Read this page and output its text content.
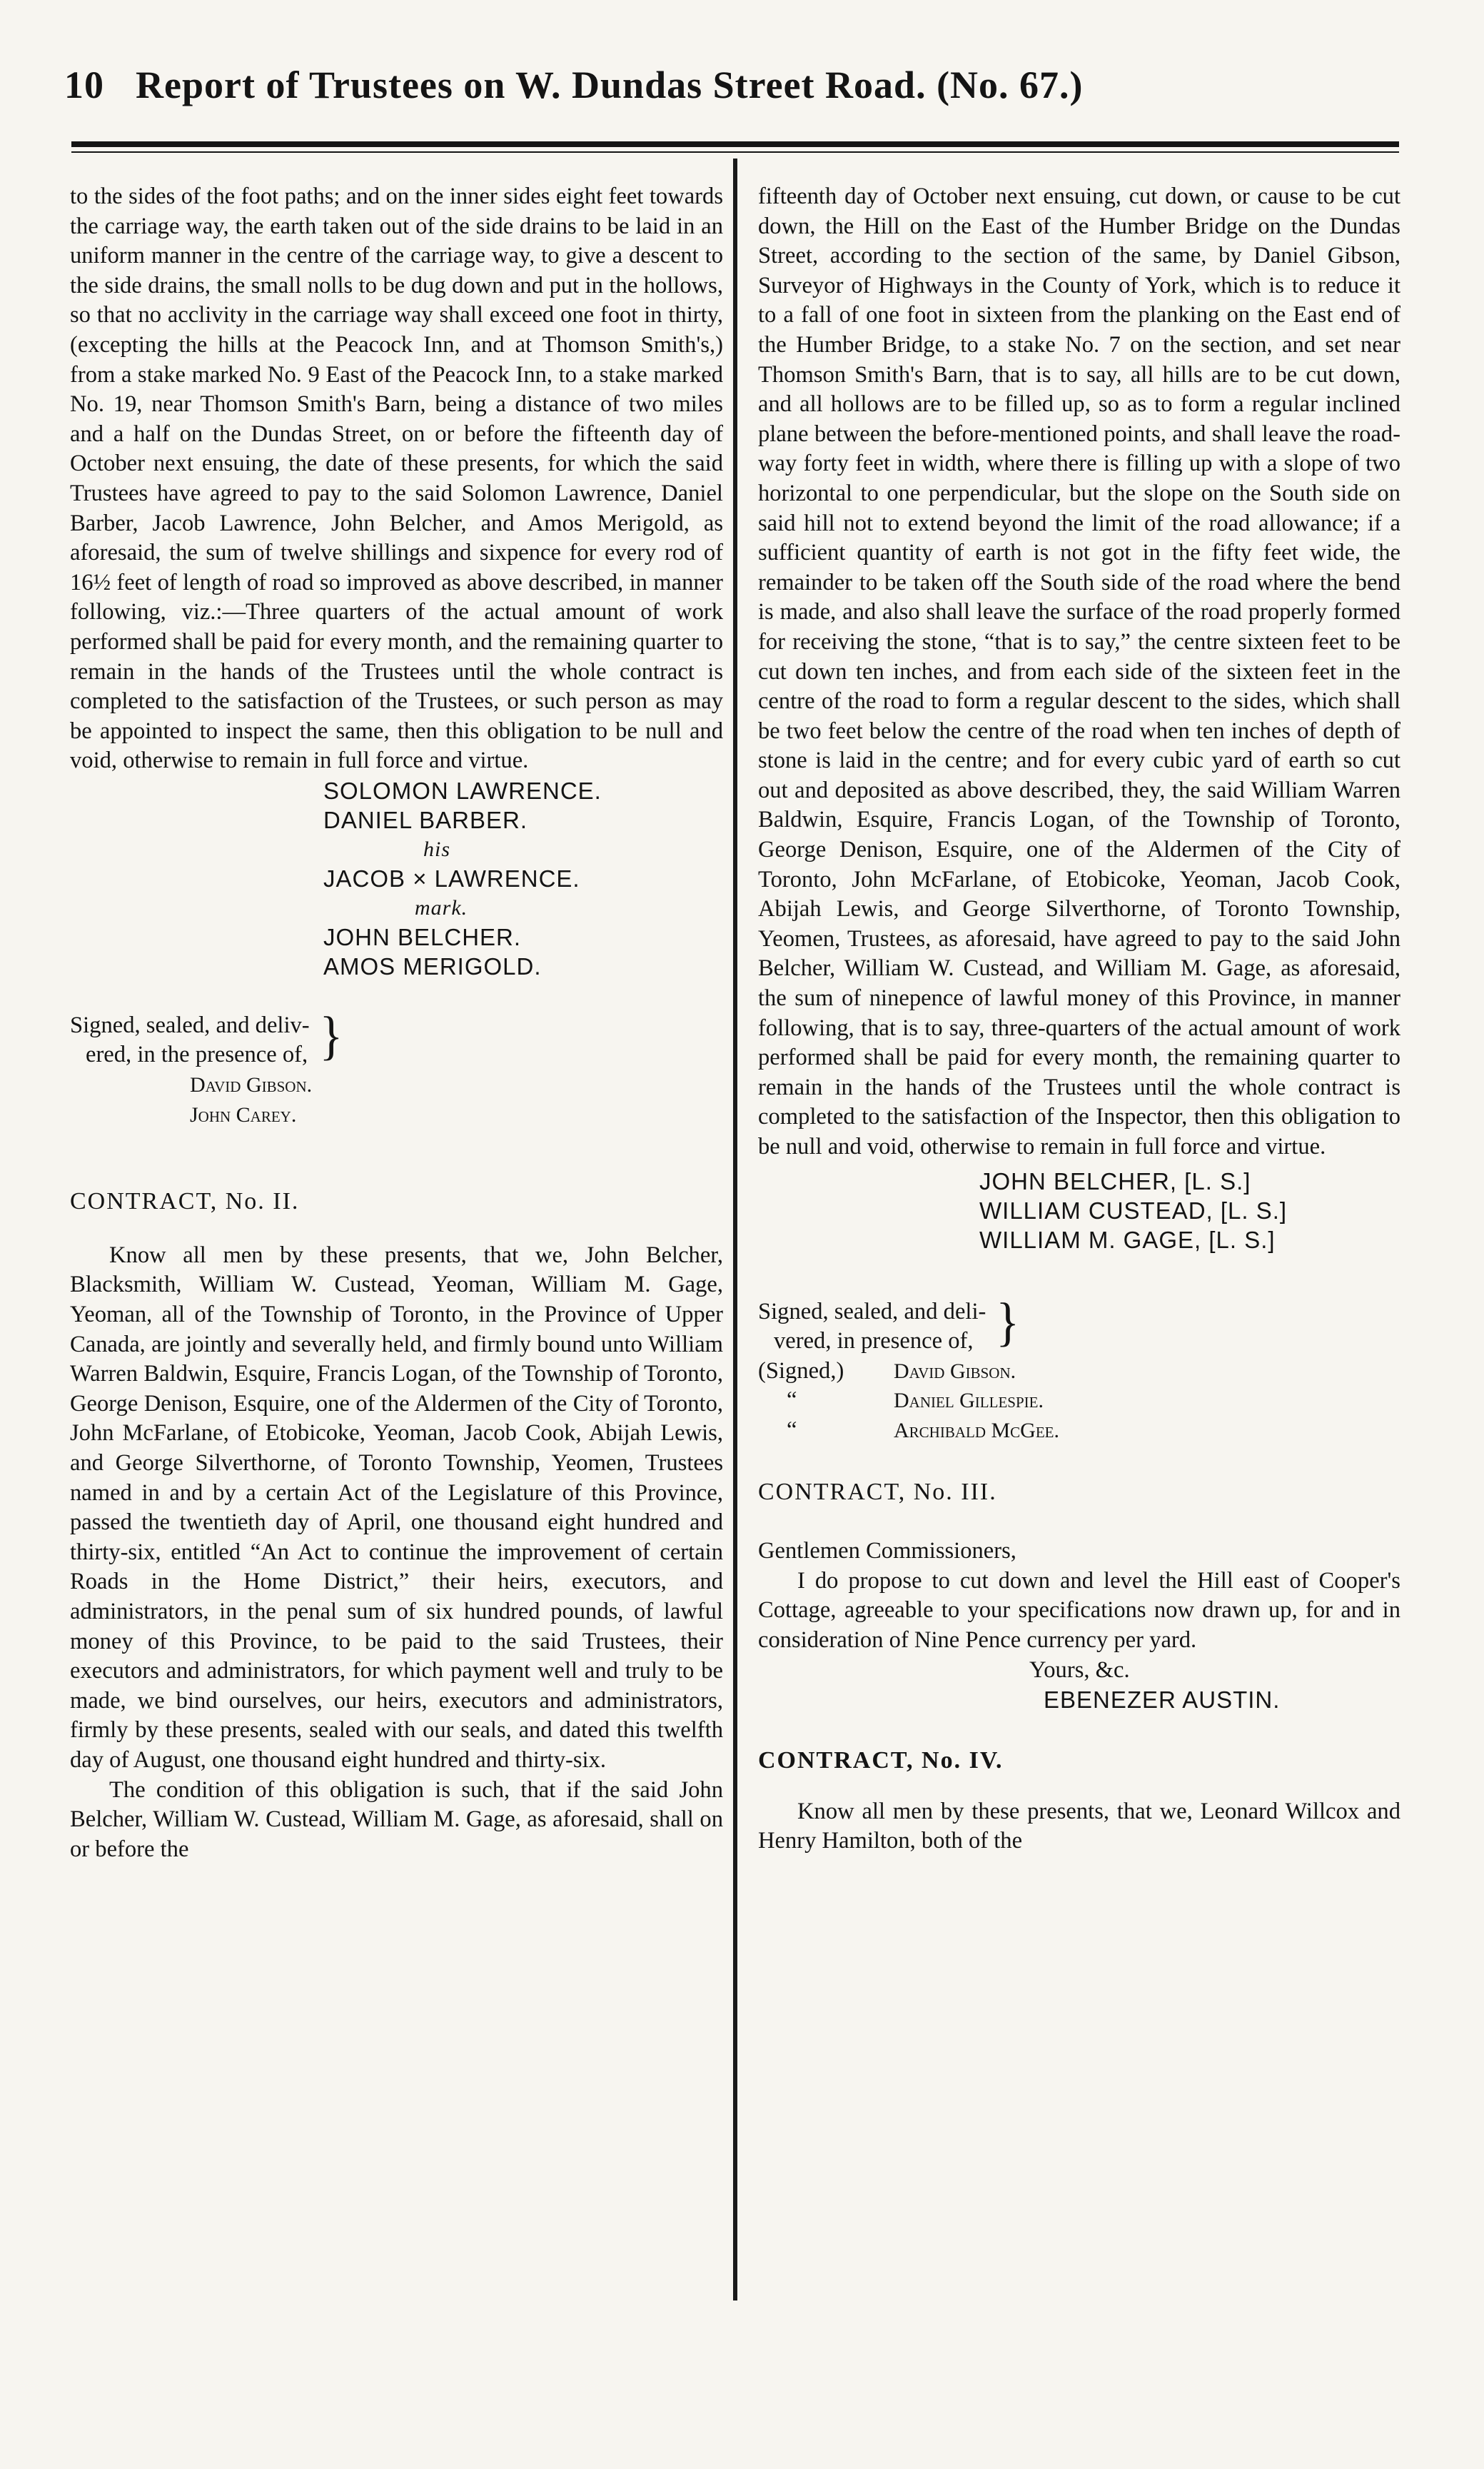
10 Report of Trustees on W. Dundas Street Road. (No. 67.)

to the sides of the foot paths; and on the inner sides eight feet towards the carriage way, the earth taken out of the side drains to be laid in an uniform manner in the centre of the carriage way, to give a descent to the side drains, the small nolls to be dug down and put in the hollows, so that no acclivity in the carriage way shall exceed one foot in thirty, (excepting the hills at the Peacock Inn, and at Thomson Smith's,) from a stake marked No. 9 East of the Peacock Inn, to a stake marked No. 19, near Thomson Smith's Barn, being a distance of two miles and a half on the Dundas Street, on or before the fifteenth day of October next ensuing, the date of these presents, for which the said Trustees have agreed to pay to the said Solomon Lawrence, Daniel Barber, Jacob Lawrence, John Belcher, and Amos Merigold, as aforesaid, the sum of twelve shillings and sixpence for every rod of 16½ feet of length of road so improved as above described, in manner following, viz.:—Three quarters of the actual amount of work performed shall be paid for every month, and the remaining quarter to remain in the hands of the Trustees until the whole contract is completed to the satisfaction of the Trustees, or such person as may be appointed to inspect the same, then this obligation to be null and void, otherwise to remain in full force and virtue.

SOLOMON LAWRENCE.
DANIEL BARBER.
his
JACOB × LAWRENCE.
mark.
JOHN BELCHER.
AMOS MERIGOLD.
Signed, sealed, and deliv-
ered, in the presence of, }
David Gibson.
John Carey.

CONTRACT, No. II.

Know all men by these presents, that we, John Belcher, Blacksmith, William W. Custead, Yeoman, William M. Gage, Yeoman, all of the Township of Toronto, in the Province of Upper Canada, are jointly and severally held, and firmly bound unto William Warren Baldwin, Esquire, Francis Logan, of the Township of Toronto, George Denison, Esquire, one of the Aldermen of the City of Toronto, John McFarlane, of Etobicoke, Yeoman, Jacob Cook, Abijah Lewis, and George Silverthorne, of Toronto Township, Yeomen, Trustees named in and by a certain Act of the Legislature of this Province, passed the twentieth day of April, one thousand eight hundred and thirty-six, entitled “An Act to continue the improvement of certain Roads in the Home District,” their heirs, executors, and administrators, in the penal sum of six hundred pounds, of lawful money of this Province, to be paid to the said Trustees, their executors and administrators, for which payment well and truly to be made, we bind ourselves, our heirs, executors and administrators, firmly by these presents, sealed with our seals, and dated this twelfth day of August, one thousand eight hundred and thirty-six.

The condition of this obligation is such, that if the said John Belcher, William W. Custead, William M. Gage, as aforesaid, shall on or before the

fifteenth day of October next ensuing, cut down, or cause to be cut down, the Hill on the East of the Humber Bridge on the Dundas Street, according to the section of the same, by Daniel Gibson, Surveyor of Highways in the County of York, which is to reduce it to a fall of one foot in sixteen from the planking on the East end of the Humber Bridge, to a stake No. 7 on the section, and set near Thomson Smith's Barn, that is to say, all hills are to be cut down, and all hollows are to be filled up, so as to form a regular inclined plane between the before-mentioned points, and shall leave the road-way forty feet in width, where there is filling up with a slope of two horizontal to one perpendicular, but the slope on the South side on said hill not to extend beyond the limit of the road allowance; if a sufficient quantity of earth is not got in the fifty feet wide, the remainder to be taken off the South side of the road where the bend is made, and also shall leave the surface of the road properly formed for receiving the stone, “that is to say,” the centre sixteen feet to be cut down ten inches, and from each side of the sixteen feet in the centre of the road to form a regular descent to the sides, which shall be two feet below the centre of the road when ten inches of depth of stone is laid in the centre; and for every cubic yard of earth so cut out and deposited as above described, they, the said William Warren Baldwin, Esquire, Francis Logan, of the Township of Toronto, George Denison, Esquire, one of the Aldermen of the City of Toronto, John McFarlane, of Etobicoke, Yeoman, Jacob Cook, Abijah Lewis, and George Silverthorne, of Toronto Township, Yeomen, Trustees, as aforesaid, have agreed to pay to the said John Belcher, William W. Custead, and William M. Gage, as aforesaid, the sum of ninepence of lawful money of this Province, in manner following, that is to say, three-quarters of the actual amount of work performed shall be paid for every month, the remaining quarter to remain in the hands of the Trustees until the whole contract is completed to the satisfaction of the Inspector, then this obligation to be null and void, otherwise to remain in full force and virtue.

JOHN BELCHER, [L. S.]
WILLIAM CUSTEAD, [L. S.]
WILLIAM M. GAGE, [L. S.]
Signed, sealed, and deli-
vered, in presence of, }
(Signed,)
“
“
David Gibson.
Daniel Gillespie.
Archibald McGee.

CONTRACT, No. III.

Gentlemen Commissioners,

I do propose to cut down and level the Hill east of Cooper's Cottage, agreeable to your specifications now drawn up, for and in consideration of Nine Pence currency per yard.

Yours, &c.

EBENEZER AUSTIN.

CONTRACT, No. IV.

Know all men by these presents, that we, Leonard Willcox and Henry Hamilton, both of the
